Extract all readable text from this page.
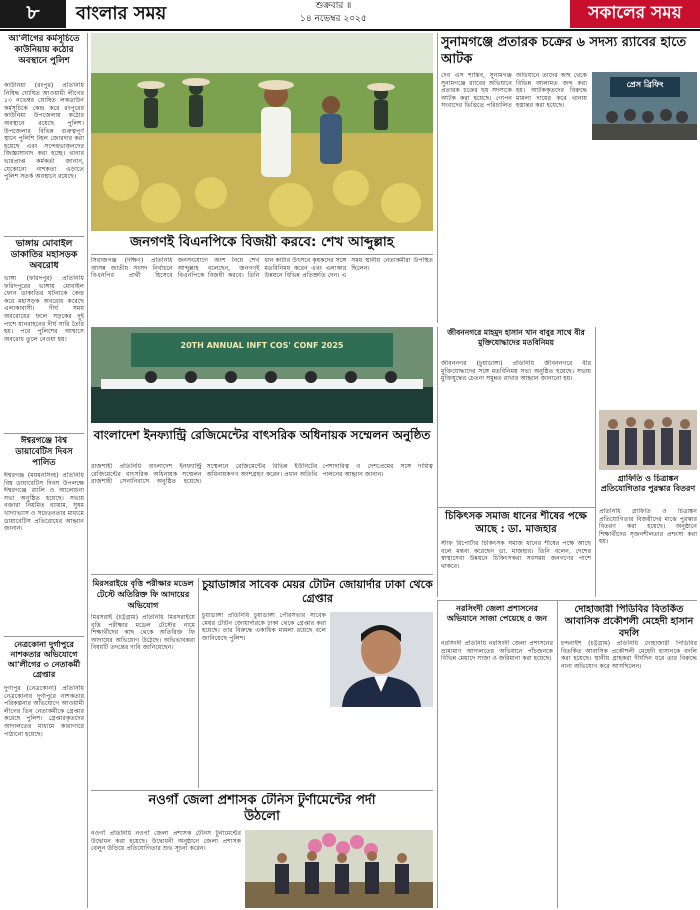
৮	বাংলার সময়	শুক্রবার ॥
১৪ নভেম্বর ২০২৫	সকালের সময়
আ'লীগের কর্মসূচিতে কাউনিয়ায় কঠোর অবস্থানে পুলিশ
কাউনিয়া (রংপুর) প্রতিনিধি নিষিদ্ধ ঘোষিত আওয়ামী লীগের ১৩ নভেম্বর ঘোষিত লকডাউন কর্মসূচিকে কেন্দ্র করে রংপুরের কাউনিয়া উপজেলায় কঠোর অবস্থানে রয়েছে পুলিশ। উপজেলার বিভিন্ন গুরুত্বপূর্ণ স্থানে পুলিশি টহল জোরদার করা হয়েছে এবং সন্দেহভাজনদের জিজ্ঞাসাবাদ করা হচ্ছে। থানার ভারপ্রাপ্ত কর্মকর্তা জানান, যেকোনো নাশকতা এড়াতে পুলিশ সতর্ক অবস্থানে রয়েছে।
ভাঙ্গায় মোবাইল ডাকাতির মহাসড়ক অবরোধ
ভাঙ্গা (ফরিদপুর) প্রতিনিধি ফরিদপুরের ভাঙ্গায় মোবাইল ফোন ডাকাতির ঘটনাকে কেন্দ্র করে মহাসড়ক অবরোধ করেছে এলাকাবাসী। দীর্ঘ সময় অবরোধের ফলে সড়কের দুই পাশে যানবাহনের দীর্ঘ সারি তৈরি হয়। পরে পুলিশের আশ্বাসে অবরোধ তুলে নেওয়া হয়।
ঈশ্বরগঞ্জে বিশ্ব ডায়াবেটিস দিবস পালিত
ঈশ্বরগঞ্জ (ময়মনসিংহ) প্রতিনিধি বিশ্ব ডায়াবেটিস দিবস উপলক্ষে ঈশ্বরগঞ্জে র‍্যালি ও আলোচনা সভা অনুষ্ঠিত হয়েছে। সভায় বক্তারা নিয়মিত ব্যায়াম, সুষম খাদ্যাভ্যাস ও সচেতনতার মাধ্যমে ডায়াবেটিস প্রতিরোধের আহ্বান জানান।
নেত্রকোনা দুর্গাপুরে নাশকতার অভিযোগে আ'লীগের ৩ নেতাকর্মী গ্রেপ্তার
দুর্গাপুর (নেত্রকোনা) প্রতিনিধি নেত্রকোনার দুর্গাপুরে নাশকতার পরিকল্পনার অভিযোগে আওয়ামী লীগের তিন নেতাকর্মীকে গ্রেপ্তার করেছে পুলিশ। গ্রেপ্তারকৃতদের আদালতের মাধ্যমে কারাগারে পাঠানো হয়েছে।
জনগণই বিএনপিকে বিজয়ী করবে: শেখ আব্দুল্লাহ
সিরাজগঞ্জ (দক্ষিণ) প্রতিনিধি আসন্ন জাতীয় সংসদ নির্বাচনে বিএনপির প্রার্থী হিসেবে জনসংযোগে অংশ নিয়ে শেখ আব্দুল্লাহ বলেছেন, জনগণই বিএনপিকে বিজয়ী করবে। তিনি ধান কাটার উৎসবে কৃষকদের সঙ্গে মতবিনিময় করেন এবং এলাকার উন্নয়নে বিভিন্ন প্রতিশ্রুতি দেন। এ সময় স্থানীয় নেতাকর্মীরা উপস্থিত ছিলেন।
সুনামগঞ্জে প্রতারক চক্রের ৬ সদস্য র‍্যাবের হাতে আটক
দেব এস শান্তিব, সুনামগঞ্জ সুনামগঞ্জে র‍্যাবের অভিযানে প্রতারক চক্রের ছয় সদস্যকে আটক করা হয়েছে। গোপন সংবাদের ভিত্তিতে পরিচালিত অভিযানে তাদের কাছ থেকে বিভিন্ন আলামত জব্দ করা হয়। আটককৃতদের বিরুদ্ধে মামলা দায়ের করে থানায় হস্তান্তর করা হয়েছে।
প্রেস ব্রিফিং

20TH ANNUAL INFT COS' CONF 2025
বাংলাদেশ ইনফ্যান্ট্রি রেজিমেন্টের বাৎসরিক অধিনায়ক সম্মেলন অনুষ্ঠিত
রাজশাহী প্রতিনিধি বাংলাদেশ ইনফ্যান্ট্রি রেজিমেন্টের বাৎসরিক অধিনায়ক সম্মেলন রাজশাহী সেনানিবাসে অনুষ্ঠিত হয়েছে। সম্মেলনে রেজিমেন্টের বিভিন্ন ইউনিটের অধিনায়কগণ অংশগ্রহণ করেন। প্রধান অতিথি পেশাদারিত্ব ও দেশপ্রেমের সঙ্গে দায়িত্ব পালনের আহ্বান জানান।
জীবননগরে মাহমুদ হাসান খান বাবুর সাথে বীর মুক্তিযোদ্ধাদের মতবিনিময়
জীবননগর (চুয়াডাঙ্গা) প্রতিনিধি জীবননগরে বীর মুক্তিযোদ্ধাদের সঙ্গে মতবিনিময় সভা অনুষ্ঠিত হয়েছে। সভায় মুক্তিযুদ্ধের চেতনা সমুন্নত রাখার আহ্বান জানানো হয়।

গ্রাফিতি ও চিত্রাঙ্কন প্রতিযোগিতার পুরস্কার বিতরণ
প্রতিনিধি গ্রাফিতি ও চিত্রাঙ্কন প্রতিযোগিতার বিজয়ীদের মাঝে পুরস্কার বিতরণ করা হয়েছে। অনুষ্ঠানে শিক্ষার্থীদের সৃজনশীলতার প্রশংসা করা হয়।
চিকিৎসক সমাজ ধানের শীষের পক্ষে আছে : ডা. মাজহার
স্টাফ রিপোর্টার চিকিৎসক সমাজ ধানের শীষের পক্ষে আছে বলে মন্তব্য করেছেন ডা. মাজহার। তিনি বলেন, দেশের স্বাস্থ্যসেবা উন্নয়নে চিকিৎসকরা সবসময় জনগণের পাশে থাকবে।
মিরসরাইয়ে বৃত্তি পরীক্ষার মডেল টেস্টে অতিরিক্ত ফি আদায়ের অভিযোগ
মিরসরাই (চট্টগ্রাম) প্রতিনিধি মিরসরাইয়ে বৃত্তি পরীক্ষার মডেল টেস্টের নামে শিক্ষার্থীদের কাছ থেকে অতিরিক্ত ফি আদায়ের অভিযোগ উঠেছে। অভিভাবকরা বিষয়টি তদন্তের দাবি জানিয়েছেন।
চুয়াডাঙ্গার সাবেক মেয়র টোটন জোয়ার্দার ঢাকা থেকে গ্রেপ্তার
চুয়াডাঙ্গা প্রতিনিধি চুয়াডাঙ্গা পৌরসভার সাবেক মেয়র টোটন জোয়ার্দারকে ঢাকা থেকে গ্রেপ্তার করা হয়েছে। তার বিরুদ্ধে একাধিক মামলা রয়েছে বলে জানিয়েছে পুলিশ।
নরসিংদী জেলা প্রশাসনের অভিযানে সাজা পেয়েছে ৫ জন
নরসিংদী প্রতিনিধি নরসিংদী জেলা প্রশাসনের ভ্রাম্যমাণ আদালতের অভিযানে পাঁচজনকে বিভিন্ন মেয়াদে সাজা ও জরিমানা করা হয়েছে।
দোহাজারী পিডিবির বিতর্কিত আবাসিক প্রকৌশলী মেহেদী হাসান বদলি
চন্দনাইশ (চট্টগ্রাম) প্রতিনিধি দোহাজারী পিডিবির বিতর্কিত আবাসিক প্রকৌশলী মেহেদী হাসানকে বদলি করা হয়েছে। স্থানীয় গ্রাহকরা দীর্ঘদিন ধরে তার বিরুদ্ধে নানা অভিযোগ করে আসছিলেন।
নওগাঁ জেলা প্রশাসক টেনিস টুর্ণামেন্টের পর্দা উঠলো
নওগাঁ প্রতিনিধি নওগাঁ জেলা প্রশাসক টেনিস টুর্নামেন্টের উদ্বোধন করা হয়েছে। উদ্বোধনী অনুষ্ঠানে জেলা প্রশাসক বেলুন উড়িয়ে প্রতিযোগিতার শুভ সূচনা করেন।
